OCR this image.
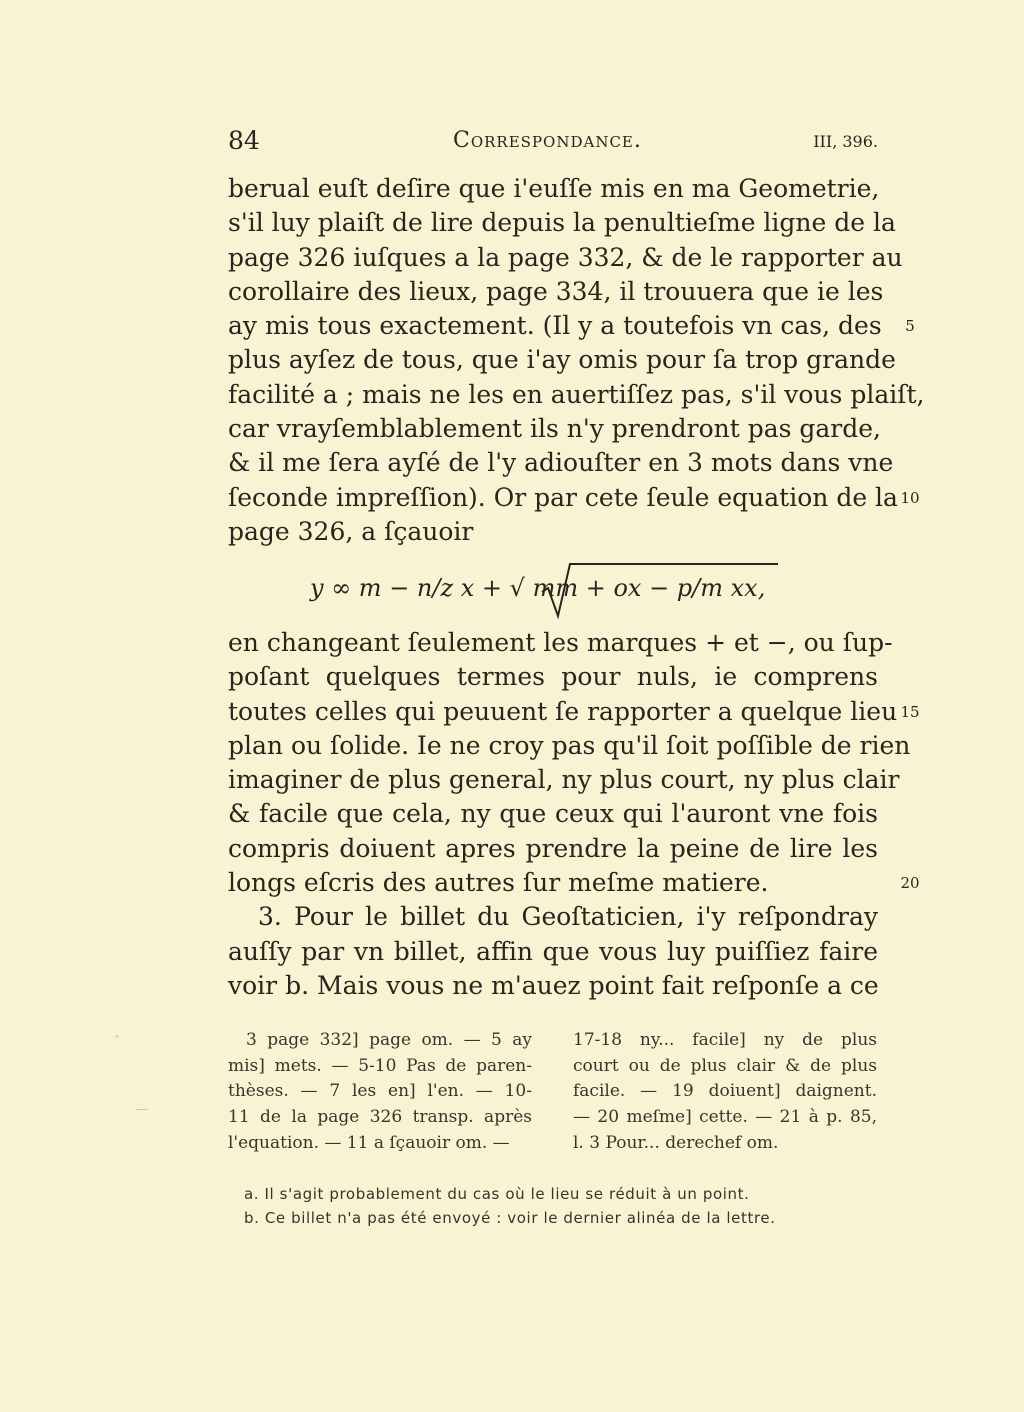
84	Correspondance.	III, 396.
berual euſt deſire que i'euſſe mis en ma Geometrie,
s'il luy plaiſt de lire depuis la penultieſme ligne de la
page 326 iuſques a la page 332, & de le rapporter au
corollaire des lieux, page 334, il trouuera que ie les
ay mis tous exactement. (Il y a toutefois vn cas, des
plus ayſez de tous, que i'ay omis pour ſa trop grande
facilité a ; mais ne les en auertiſſez pas, s'il vous plaiſt,
car vrayſemblablement ils n'y prendront pas garde,
& il me ſera ayſé de l'y adiouſter en 3 mots dans vne
ſeconde impreſſion). Or par cete ſeule equation de la
page 326, a ſçauoir
y ∞ m − n/z x + √ mm + ox − p/m xx,
en changeant ſeulement les marques + et −, ou ſup-
poſant quelques termes pour nuls, ie comprens
toutes celles qui peuuent ſe rapporter a quelque lieu
plan ou ſolide. Ie ne croy pas qu'il ſoit poſſible de rien
imaginer de plus general, ny plus court, ny plus clair
& facile que cela, ny que ceux qui l'auront vne fois
compris doiuent apres prendre la peine de lire les
longs eſcris des autres ſur meſme matiere.
3. Pour le billet du Geoſtaticien, i'y reſpondray
auſſy par vn billet, affin que vous luy puiſſiez faire
voir b. Mais vous ne m'auez point fait reſponſe a ce
5
10
15
20
˄
—
3 page 332] page om. — 5 ay
mis] mets. — 5-10 Pas de paren-
thèses. — 7 les en] l'en. — 10-
11 de la page 326 transp. après
l'equation. — 11 a ſçauoir om. —
17-18 ny... facile] ny de plus
court ou de plus clair & de plus
facile. — 19 doiuent] daignent.
— 20 meſme] cette. — 21 à p. 85,
l. 3 Pour... derechef om.
a. Il s'agit probablement du cas où le lieu se réduit à un point.
b. Ce billet n'a pas été envoyé : voir le dernier alinéa de la lettre.
